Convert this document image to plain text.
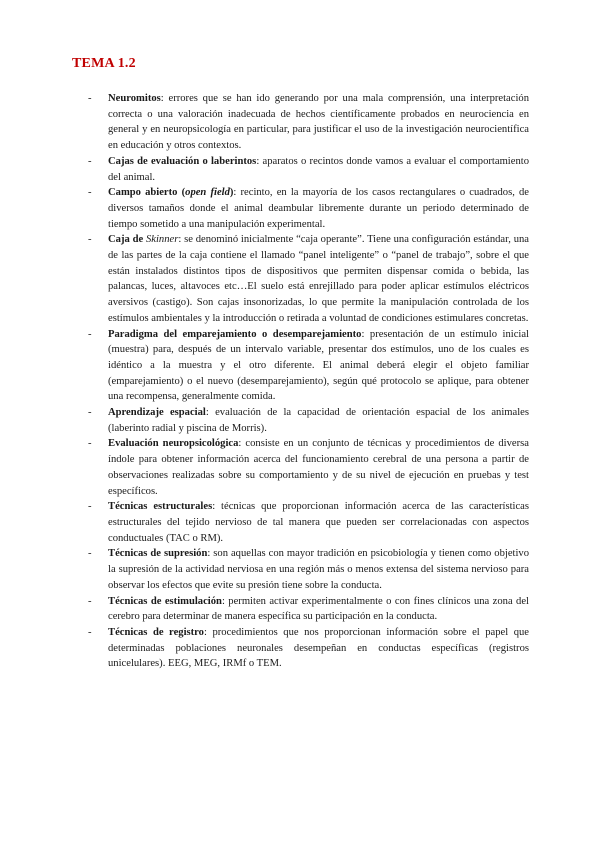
TEMA 1.2
- Neuromitos: errores que se han ido generando por una mala comprensión, una interpretación correcta o una valoración inadecuada de hechos científicamente probados en neurociencia en general y en neuropsicología en particular, para justificar el uso de la investigación neurocientífica en educación y otros contextos.
- Cajas de evaluación o laberintos: aparatos o recintos donde vamos a evaluar el comportamiento del animal.
- Campo abierto (open field): recinto, en la mayoría de los casos rectangulares o cuadrados, de diversos tamaños donde el animal deambular libremente durante un periodo determinado de tiempo sometido a una manipulación experimental.
- Caja de Skinner: se denominó inicialmente “caja operante”. Tiene una configuración estándar, una de las partes de la caja contiene el llamado “panel inteligente” o “panel de trabajo”, sobre el que están instalados distintos tipos de dispositivos que permiten dispensar comida o bebida, las palancas, luces, altavoces etc…El suelo está enrejillado para poder aplicar estímulos eléctricos aversivos (castigo). Son cajas insonorizadas, lo que permite la manipulación controlada de los estímulos ambientales y la introducción o retirada a voluntad de condiciones estimulares concretas.
- Paradigma del emparejamiento o desemparejamiento: presentación de un estímulo inicial (muestra) para, después de un intervalo variable, presentar dos estímulos, uno de los cuales es idéntico a la muestra y el otro diferente. El animal deberá elegir el objeto familiar (emparejamiento) o el nuevo (desemparejamiento), según qué protocolo se aplique, para obtener una recompensa, generalmente comida.
- Aprendizaje espacial: evaluación de la capacidad de orientación espacial de los animales (laberinto radial y piscina de Morris).
- Evaluación neuropsicológica: consiste en un conjunto de técnicas y procedimientos de diversa índole para obtener información acerca del funcionamiento cerebral de una persona a partir de observaciones realizadas sobre su comportamiento y de su nivel de ejecución en pruebas y test específicos.
- Técnicas estructurales: técnicas que proporcionan información acerca de las características estructurales del tejido nervioso de tal manera que pueden ser correlacionadas con aspectos conductuales (TAC o RM).
- Técnicas de supresión: son aquellas con mayor tradición en psicobiología y tienen como objetivo la supresión de la actividad nerviosa en una región más o menos extensa del sistema nervioso para observar los efectos que evite su presión tiene sobre la conducta.
- Técnicas de estimulación: permiten activar experimentalmente o con fines clínicos una zona del cerebro para determinar de manera específica su participación en la conducta.
- Técnicas de registro: procedimientos que nos proporcionan información sobre el papel que determinadas poblaciones neuronales desempeñan en conductas específicas (registros unicelulares). EEG, MEG, IRMf o TEM.
